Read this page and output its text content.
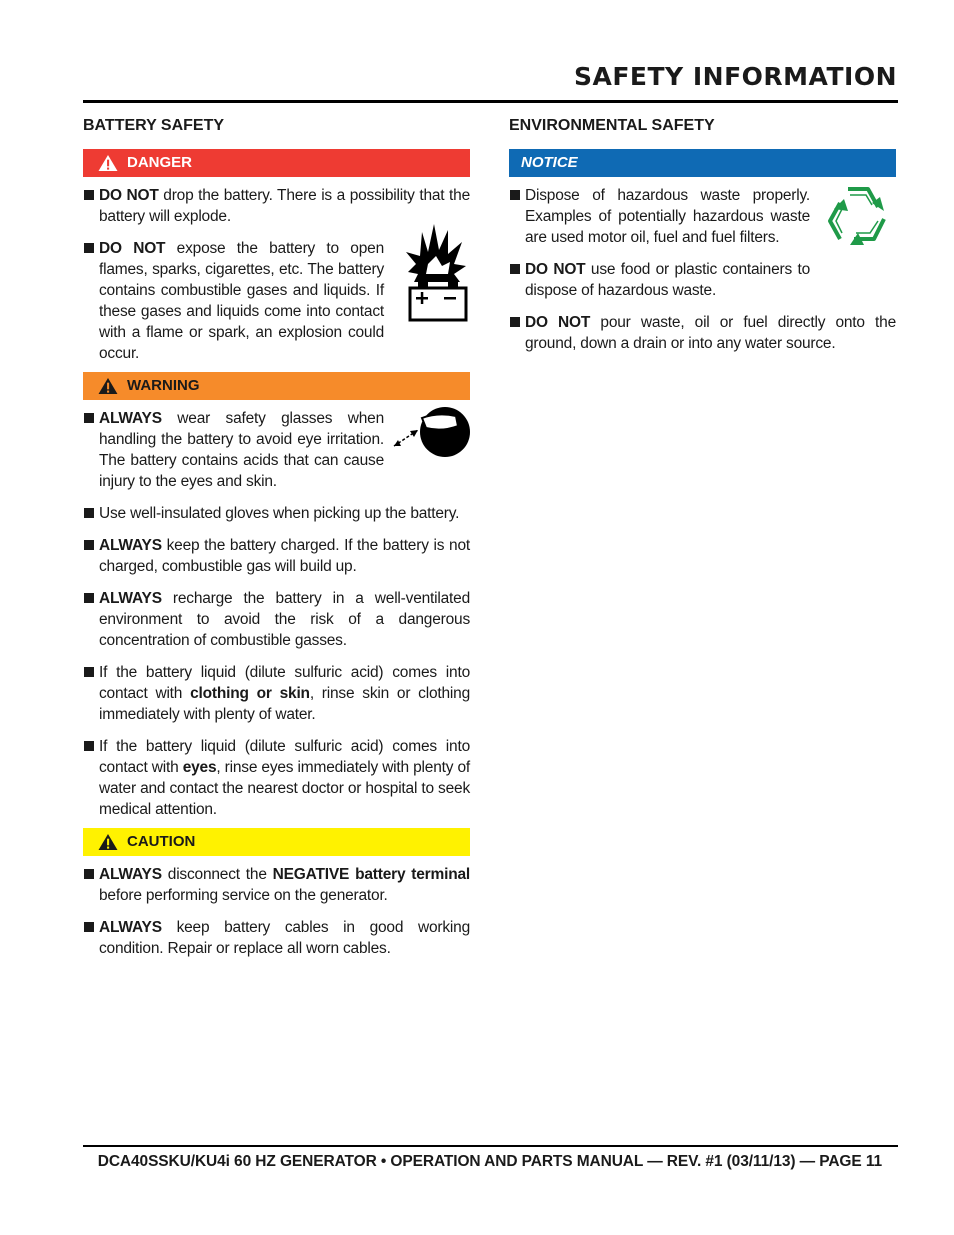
SAFETY INFORMATION
BATTERY SAFETY
DANGER
DO NOT drop the battery. There is a possibility that the battery will explode.
DO NOT expose the battery to open flames, sparks, cigarettes, etc. The battery contains combustible gases and liquids. If these gases and liquids come into contact with a flame or spark, an explosion could occur.
WARNING
ALWAYS wear safety glasses when handling the battery to avoid eye irritation. The battery contains acids that can cause injury to the eyes and skin.
Use well-insulated gloves when picking up the battery.
ALWAYS keep the battery charged. If the battery is not charged, combustible gas will build up.
ALWAYS recharge the battery in a well-ventilated environment to avoid the risk of a dangerous concentration of combustible gasses.
If the battery liquid (dilute sulfuric acid) comes into contact with clothing or skin, rinse skin or clothing immediately with plenty of water.
If the battery liquid (dilute sulfuric acid) comes into contact with eyes, rinse eyes immediately with plenty of water and contact the nearest doctor or hospital to seek medical attention.
CAUTION
ALWAYS disconnect the NEGATIVE battery terminal before performing service on the generator.
ALWAYS keep battery cables in good working condition. Repair or replace all worn cables.
ENVIRONMENTAL SAFETY
NOTICE
Dispose of hazardous waste properly. Examples of potentially hazardous waste are used motor oil, fuel and fuel filters.
DO NOT use food or plastic containers to dispose of hazardous waste.
DO NOT pour waste, oil or fuel directly onto the ground, down a drain or into any water source.
DCA40SSKU/KU4i 60 HZ GENERATOR • OPERATION AND PARTS MANUAL — REV. #1 (03/11/13) — PAGE 11
